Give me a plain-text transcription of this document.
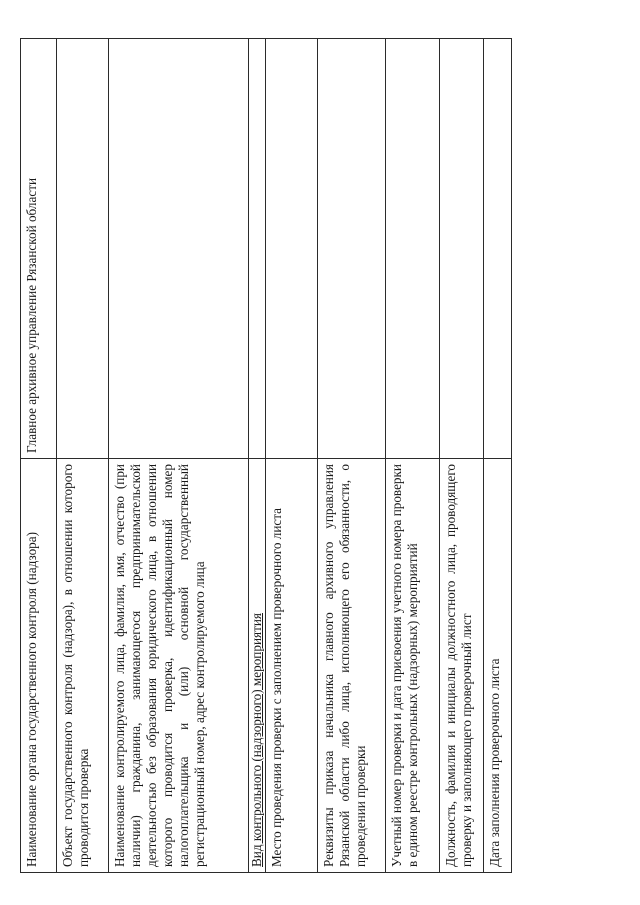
Наименование органа государственного контроля (надзора)	Главное архивное управление Рязанской области
Объект государственного контроля (надзора), в отношении которого проводится проверка	
Наименование контролируемого лица, фамилия, имя, отчество (при наличии) гражданина, занимающегося предпринимательской деятельностью без образования юридического лица, в отношении которого проводится проверка, идентификационный номер налогоплательщика и (или) основной государственный регистрационный номер, адрес контролируемого лица	
Вид контрольного (надзорного) мероприятия	
Место проведения проверки с заполнением проверочного листа	
Реквизиты приказа начальника главного архивного управления Рязанской области либо лица, исполняющего его обязанности, о проведении проверки	
Учетный номер проверки и дата присвоения учетного номера проверки в едином реестре контрольных (надзорных) мероприятий	
Должность, фамилия и инициалы должностного лица, проводящего проверку и заполняющего проверочный лист	
Дата заполнения проверочного листа	
